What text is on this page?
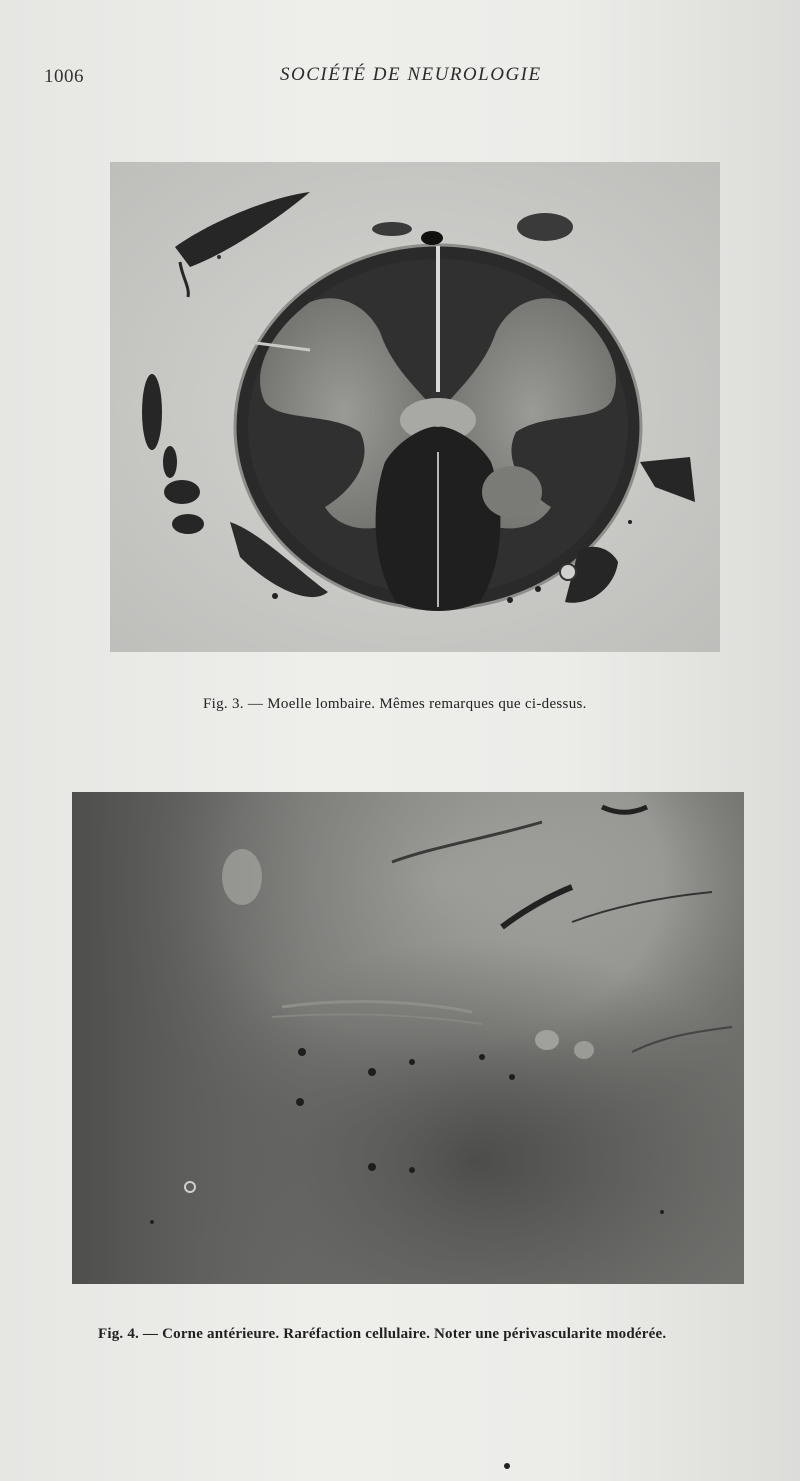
1006	SOCIÉTÉ DE NEUROLOGIE
Fig. 3. — Moelle lombaire. Mêmes remarques que ci-dessus.
Fig. 4. — Corne antérieure. Raréfaction cellulaire. Noter une périvascularite modérée.
